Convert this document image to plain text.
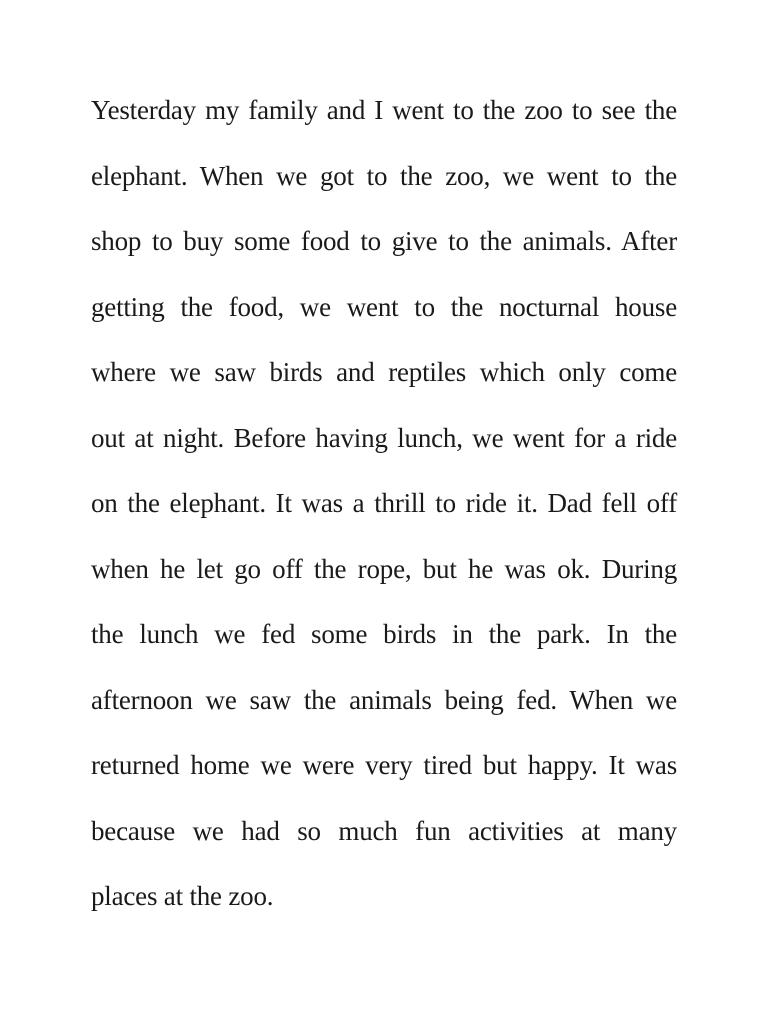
Yesterday my family and I went to the zoo to see the
elephant. When we got to the zoo, we went to the
shop to buy some food to give to the animals. After
getting the food, we went to the nocturnal house
where we saw birds and reptiles which only come
out at night. Before having lunch, we went for a ride
on the elephant. It was a thrill to ride it. Dad fell off
when he let go off the rope, but he was ok. During
the lunch we fed some birds in the park. In the
afternoon we saw the animals being fed. When we
returned home we were very tired but happy. It was
because we had so much fun activities at many
places at the zoo.
